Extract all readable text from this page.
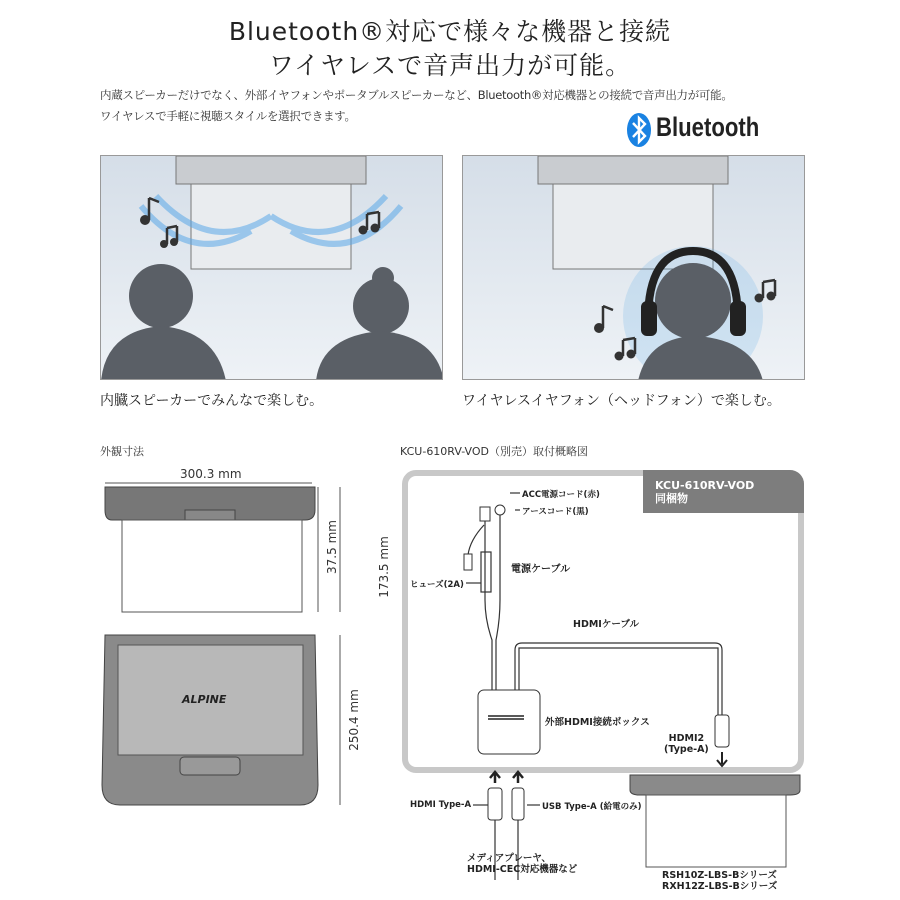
Bluetooth®対応で様々な機器と接続
ワイヤレスで音声出力が可能。
内蔵スピーカーだけでなく、外部イヤフォンやポータブルスピーカーなど、Bluetooth®対応機器との接続で音声出力が可能。
ワイヤレスで手軽に視聴スタイルを選択できます。	Bluetooth
内臓スピーカーでみんなで楽しむ。	ワイヤレスイヤフォン（ヘッドフォン）で楽しむ。
外観寸法
300.3 mm
37.5 mm	173.5 mm
250.4 mm
ALPINE
KCU-610RV-VOD（別売）取付概略図
KCU-610RV-VOD
同梱物
ACC電源コード(赤)
アースコード(黒)
電源ケーブル
ヒューズ(2A)
HDMIケーブル
外部HDMI接続ボックス
HDMI2
(Type-A)
HDMI Type-A	USB Type-A (給電のみ)
メディアプレーヤ、
HDMI-CEC対応機器など
RSH10Z-LBS-Bシリーズ
RXH12Z-LBS-Bシリーズ
